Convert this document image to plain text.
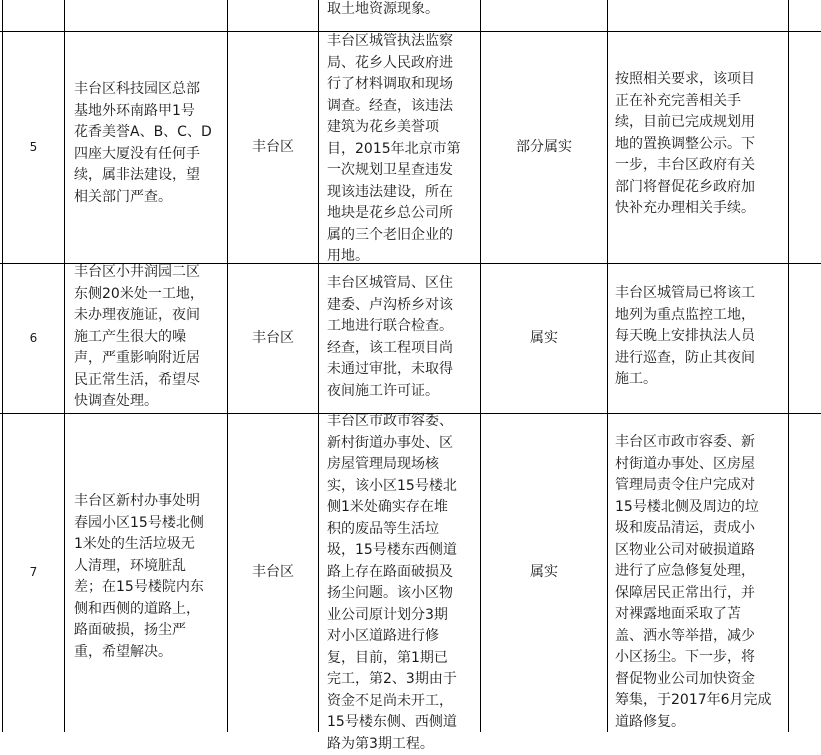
取土地资源现象。
5
丰台区科技园区总部
基地外环南路甲1号
花香美誉A、B、C、D
四座大厦没有任何手
续，属非法建设，望
相关部门严查。
丰台区
丰台区城管执法监察
局、花乡人民政府进
行了材料调取和现场
调查。经查，该违法
建筑为花乡美誉项
目，2015年北京市第
一次规划卫星查违发
现该违法建设，所在
地块是花乡总公司所
属的三个老旧企业的
用地。
部分属实
按照相关要求，该项目
正在补充完善相关手
续，目前已完成规划用
地的置换调整公示。下
一步，丰台区政府有关
部门将督促花乡政府加
快补充办理相关手续。
6
丰台区小井润园二区
东侧20米处一工地，
未办理夜施证，夜间
施工产生很大的噪
声，严重影响附近居
民正常生活，希望尽
快调查处理。
丰台区
丰台区城管局、区住
建委、卢沟桥乡对该
工地进行联合检查。
经查，该工程项目尚
未通过审批，未取得
夜间施工许可证。
属实
丰台区城管局已将该工
地列为重点监控工地，
每天晚上安排执法人员
进行巡查，防止其夜间
施工。
7
丰台区新村办事处明
春园小区15号楼北侧
1米处的生活垃圾无
人清理，环境脏乱
差；在15号楼院内东
侧和西侧的道路上，
路面破损，扬尘严
重，希望解决。
丰台区
丰台区市政市容委、
新村街道办事处、区
房屋管理局现场核
实，该小区15号楼北
侧1米处确实存在堆
积的废品等生活垃
圾，15号楼东西侧道
路上存在路面破损及
扬尘问题。该小区物
业公司原计划分3期
对小区道路进行修
复，目前，第1期已
完工，第2、3期由于
资金不足尚未开工，
15号楼东侧、西侧道
路为第3期工程。
属实
丰台区市政市容委、新
村街道办事处、区房屋
管理局责令住户完成对
15号楼北侧及周边的垃
圾和废品清运，责成小
区物业公司对破损道路
进行了应急修复处理，
保障居民正常出行，并
对裸露地面采取了苫
盖、洒水等举措，减少
小区扬尘。下一步，将
督促物业公司加快资金
筹集，于2017年6月完成
道路修复。
